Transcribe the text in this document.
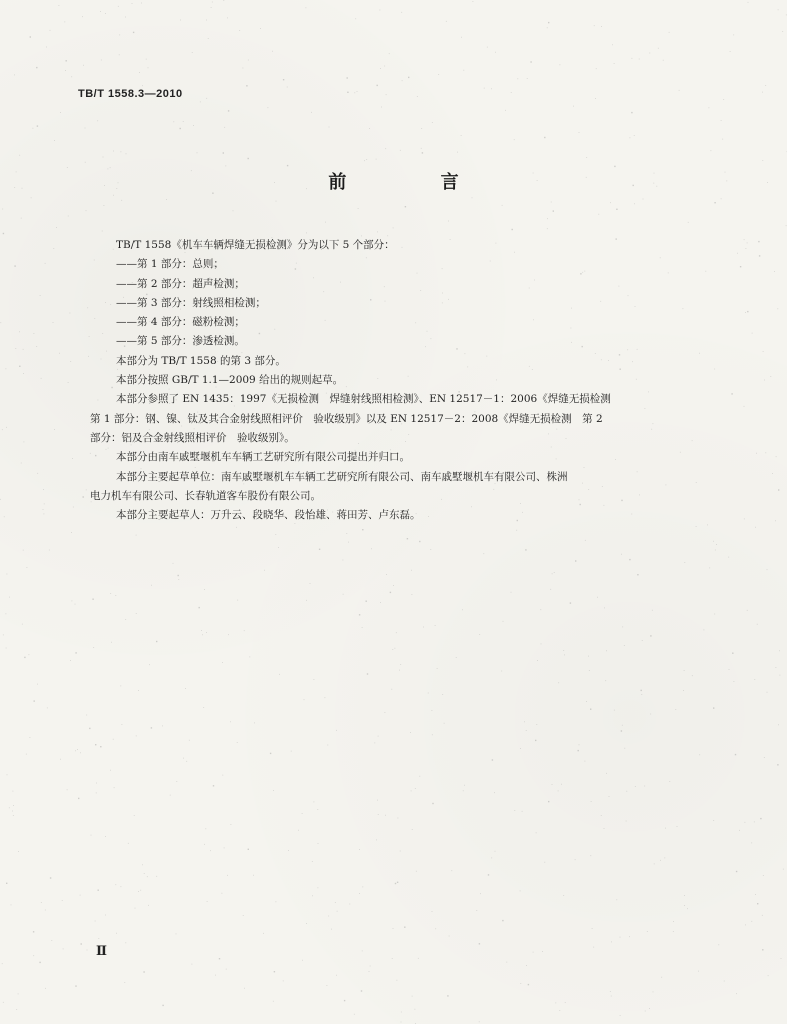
TB/T 1558.3—2010
前 言

TB/T 1558《机车车辆焊缝无损检测》分为以下 5 个部分：

——第 1 部分：总则；

——第 2 部分：超声检测；

——第 3 部分：射线照相检测；

——第 4 部分：磁粉检测；

——第 5 部分：渗透检测。

本部分为 TB/T 1558 的第 3 部分。

本部分按照 GB/T 1.1—2009 给出的规则起草。

本部分参照了 EN 1435：1997《无损检测　焊缝射线照相检测》、EN 12517－1：2006《焊缝无损检测

第 1 部分：钢、镍、钛及其合金射线照相评价　验收级别》以及 EN 12517－2：2008《焊缝无损检测　第 2

部分：铝及合金射线照相评价　验收级别》。

本部分由南车戚墅堰机车车辆工艺研究所有限公司提出并归口。

本部分主要起草单位：南车戚墅堰机车车辆工艺研究所有限公司、南车戚墅堰机车有限公司、株洲

电力机车有限公司、长春轨道客车股份有限公司。

本部分主要起草人：万升云、段晓华、段怡雄、蒋田芳、卢东磊。

Ⅱ
